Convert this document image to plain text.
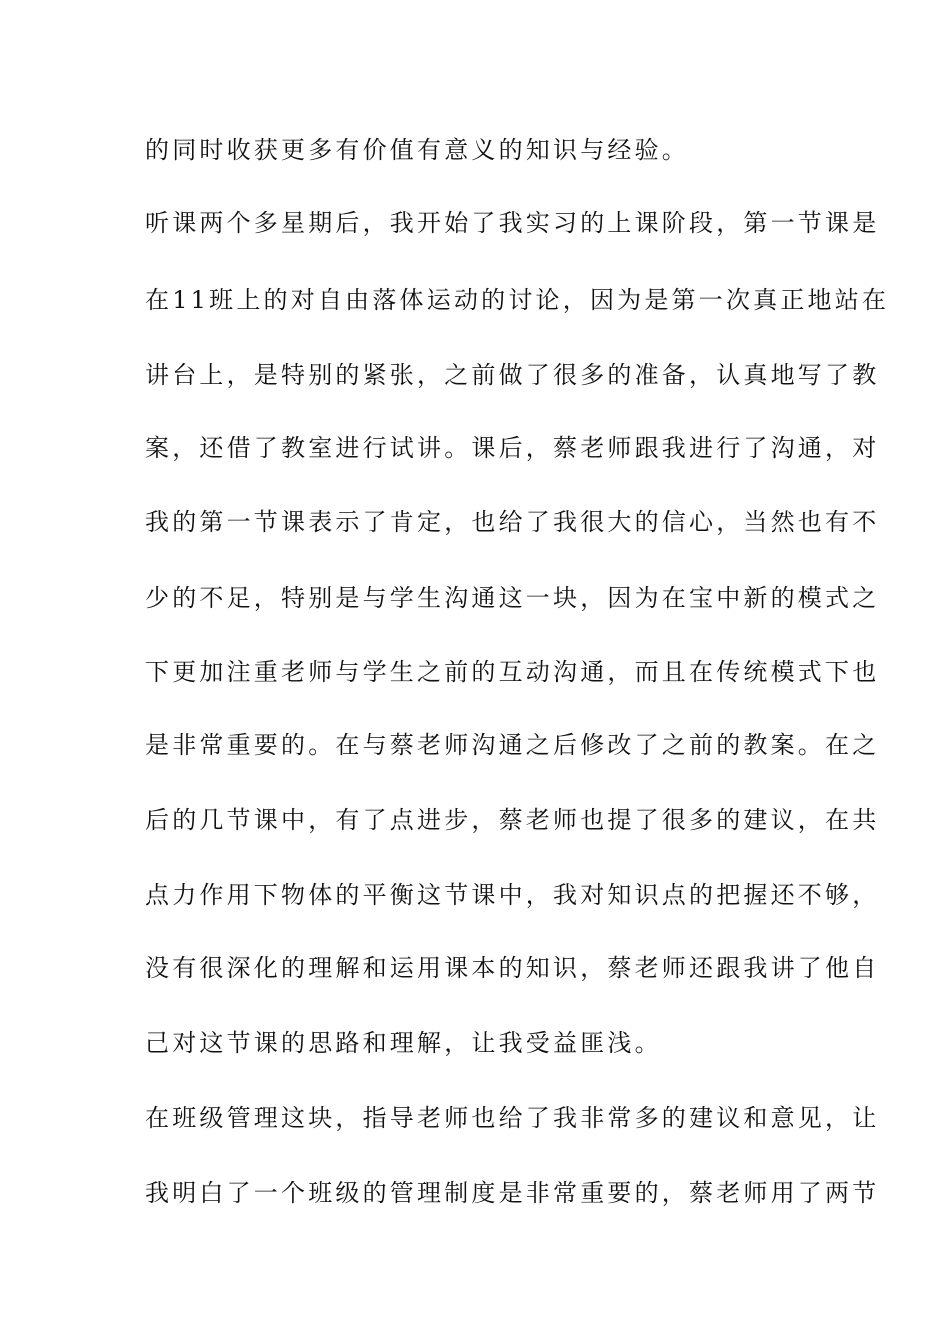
的同时收获更多有价值有意义的知识与经验。
听课两个多星期后，我开始了我实习的上课阶段，第一节课是
在11班上的对自由落体运动的讨论，因为是第一次真正地站在
讲台上，是特别的紧张，之前做了很多的准备，认真地写了教
案，还借了教室进行试讲。课后，蔡老师跟我进行了沟通，对
我的第一节课表示了肯定，也给了我很大的信心，当然也有不
少的不足，特别是与学生沟通这一块，因为在宝中新的模式之
下更加注重老师与学生之前的互动沟通，而且在传统模式下也
是非常重要的。在与蔡老师沟通之后修改了之前的教案。在之
后的几节课中，有了点进步，蔡老师也提了很多的建议，在共
点力作用下物体的平衡这节课中，我对知识点的把握还不够，
没有很深化的理解和运用课本的知识，蔡老师还跟我讲了他自
己对这节课的思路和理解，让我受益匪浅。
在班级管理这块，指导老师也给了我非常多的建议和意见，让
我明白了一个班级的管理制度是非常重要的，蔡老师用了两节
